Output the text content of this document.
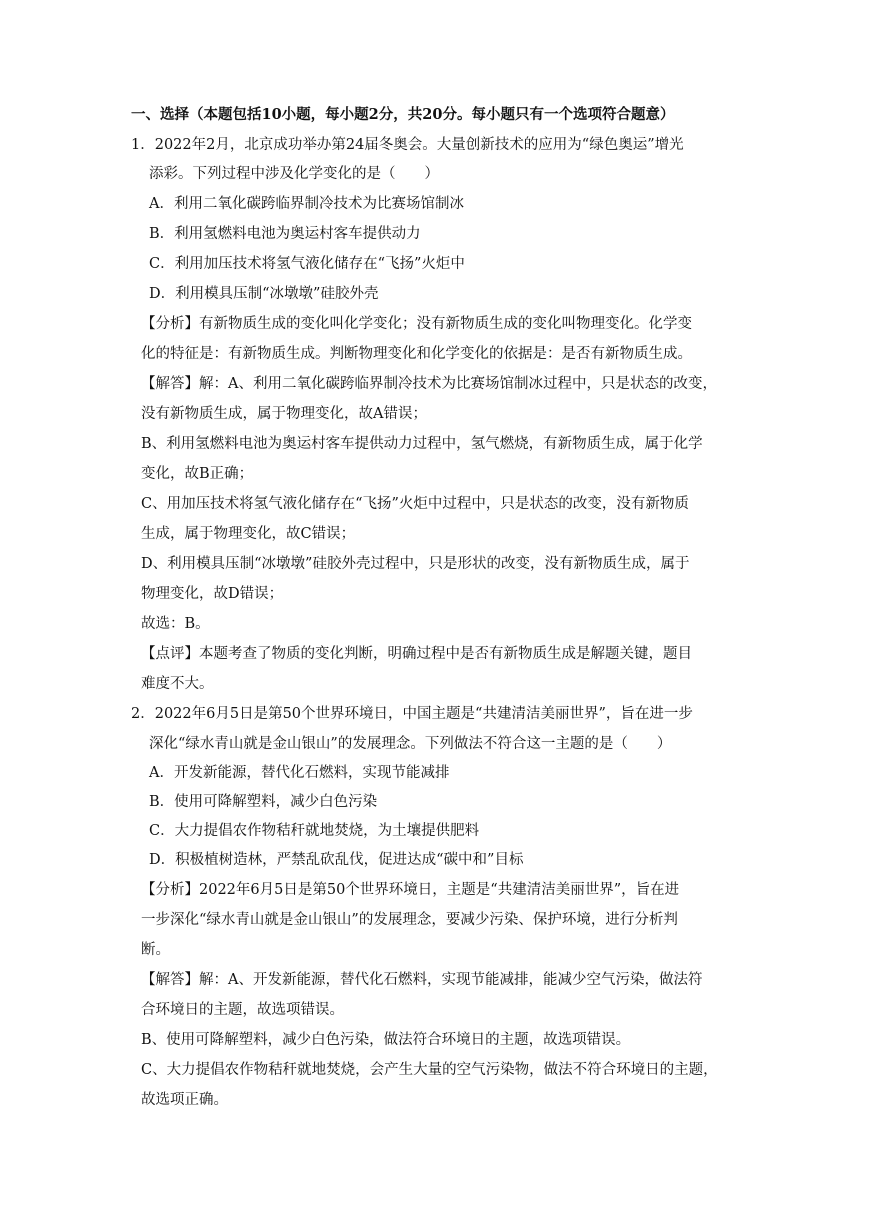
一、选择（本题包括10小题，每小题2分，共20分。每小题只有一个选项符合题意）
1．2022年2月，北京成功举办第24届冬奥会。大量创新技术的应用为“绿色奥运”增光
添彩。下列过程中涉及化学变化的是（　　）
A．利用二氧化碳跨临界制冷技术为比赛场馆制冰
B．利用氢燃料电池为奥运村客车提供动力
C．利用加压技术将氢气液化储存在“飞扬”火炬中
D．利用模具压制“冰墩墩”硅胶外壳
【分析】有新物质生成的变化叫化学变化；没有新物质生成的变化叫物理变化。化学变
化的特征是：有新物质生成。判断物理变化和化学变化的依据是：是否有新物质生成。
【解答】解：A、利用二氧化碳跨临界制冷技术为比赛场馆制冰过程中，只是状态的改变，
没有新物质生成，属于物理变化，故A错误；
B、利用氢燃料电池为奥运村客车提供动力过程中，氢气燃烧，有新物质生成，属于化学
变化，故B正确；
C、用加压技术将氢气液化储存在“飞扬”火炬中过程中，只是状态的改变，没有新物质
生成，属于物理变化，故C错误；
D、利用模具压制“冰墩墩”硅胶外壳过程中，只是形状的改变，没有新物质生成，属于
物理变化，故D错误；
故选：B。
【点评】本题考查了物质的变化判断，明确过程中是否有新物质生成是解题关键，题目
难度不大。
2．2022年6月5日是第50个世界环境日，中国主题是“共建清洁美丽世界”，旨在进一步
深化“绿水青山就是金山银山”的发展理念。下列做法不符合这一主题的是（　　）
A．开发新能源，替代化石燃料，实现节能减排
B．使用可降解塑料，减少白色污染
C．大力提倡农作物秸秆就地焚烧，为土壤提供肥料
D．积极植树造林，严禁乱砍乱伐，促进达成“碳中和”目标
【分析】2022年6月5日是第50个世界环境日，主题是“共建清洁美丽世界”，旨在进
一步深化“绿水青山就是金山银山”的发展理念，要减少污染、保护环境，进行分析判
断。
【解答】解：A、开发新能源，替代化石燃料，实现节能减排，能减少空气污染，做法符
合环境日的主题，故选项错误。
B、使用可降解塑料，减少白色污染，做法符合环境日的主题，故选项错误。
C、大力提倡农作物秸秆就地焚烧，会产生大量的空气污染物，做法不符合环境日的主题，
故选项正确。
